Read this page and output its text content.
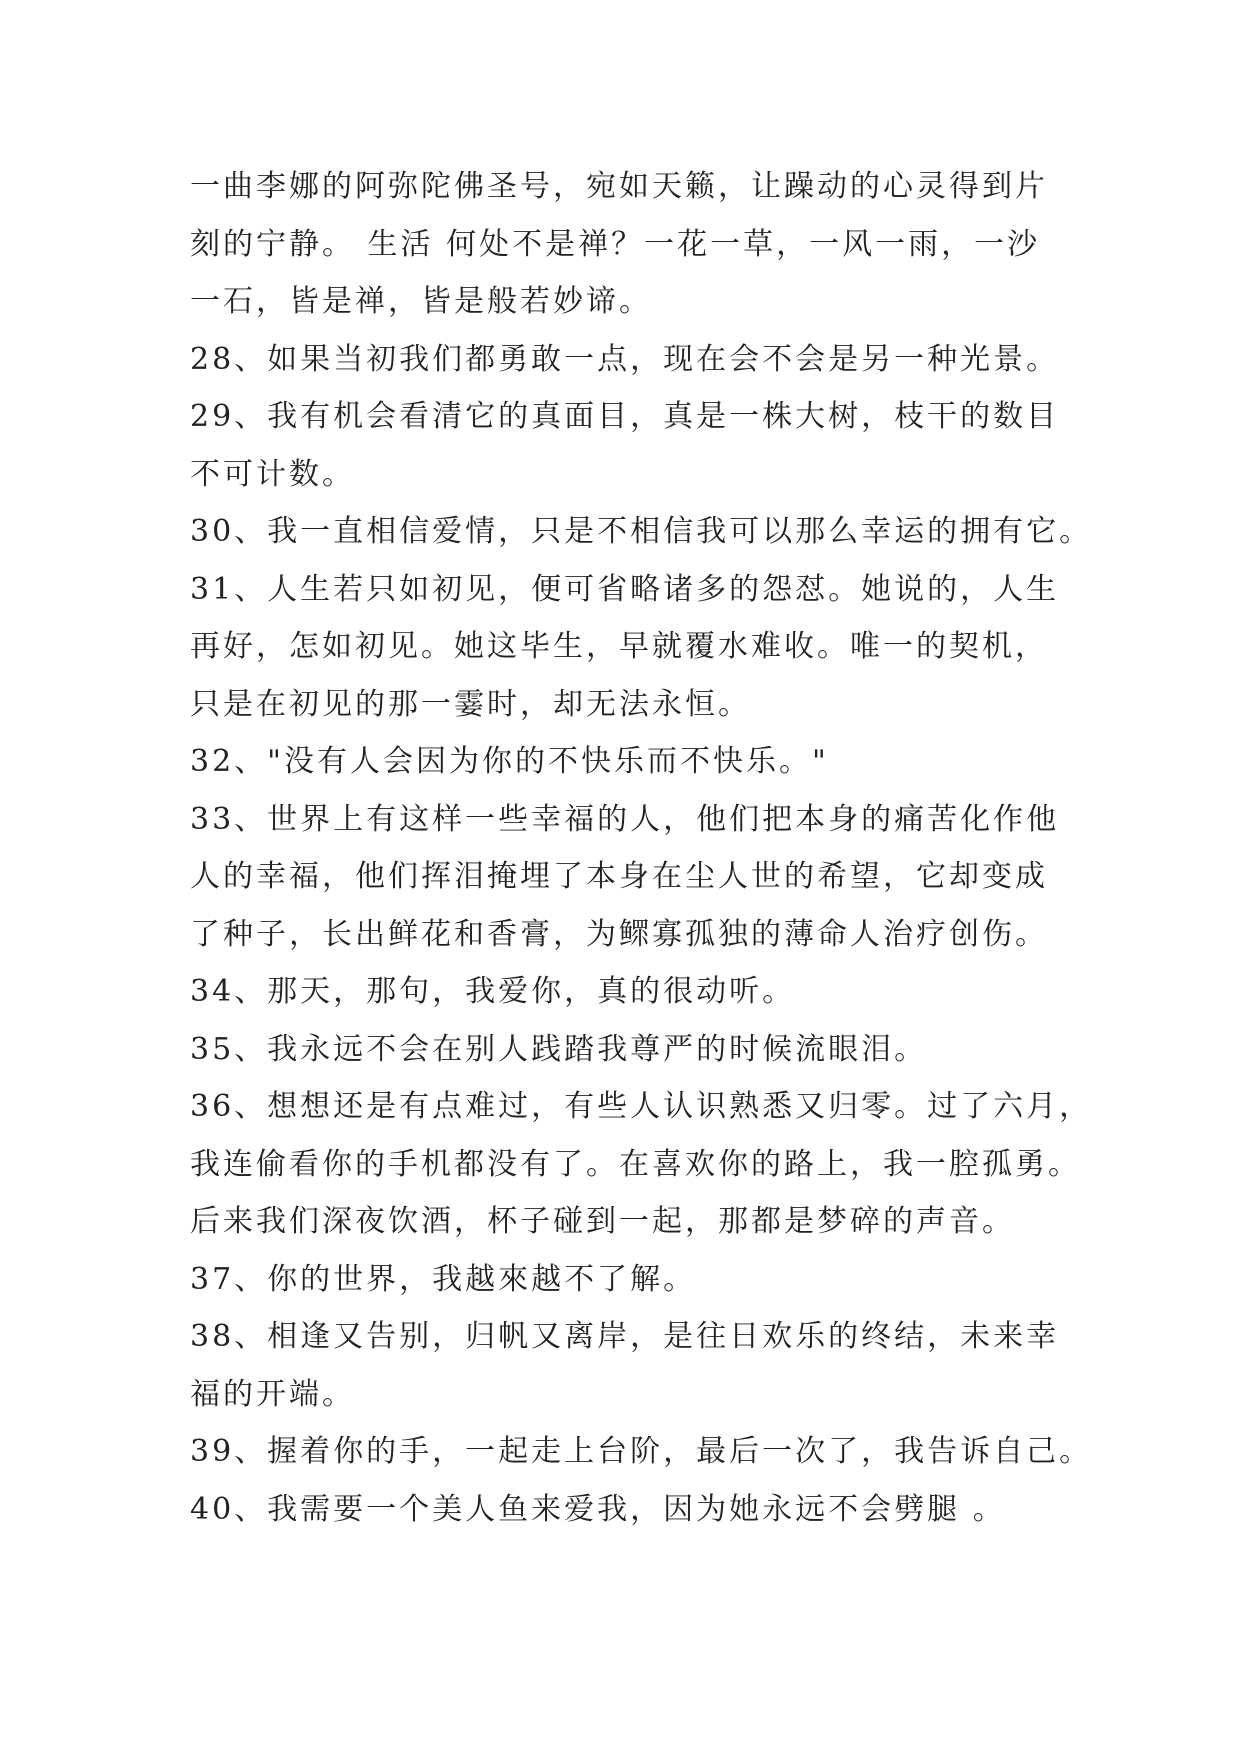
一曲李娜的阿弥陀佛圣号，宛如天籁，让躁动的心灵得到片
刻的宁静。 生活 何处不是禅？一花一草，一风一雨，一沙
一石，皆是禅，皆是般若妙谛。
28、如果当初我们都勇敢一点，现在会不会是另一种光景。
29、我有机会看清它的真面目，真是一株大树，枝干的数目
不可计数。
30、我一直相信爱情，只是不相信我可以那么幸运的拥有它。
31、人生若只如初见，便可省略诸多的怨怼。她说的，人生
再好，怎如初见。她这毕生，早就覆水难收。唯一的契机，
只是在初见的那一霎时，却无法永恒。
32、"没有人会因为你的不快乐而不快乐。"
33、世界上有这样一些幸福的人，他们把本身的痛苦化作他
人的幸福，他们挥泪掩埋了本身在尘人世的希望，它却变成
了种子，长出鲜花和香膏，为鳏寡孤独的薄命人治疗创伤。
34、那天，那句，我爱你，真的很动听。
35、我永远不会在别人践踏我尊严的时候流眼泪。
36、想想还是有点难过，有些人认识熟悉又归零。过了六月，
我连偷看你的手机都没有了。在喜欢你的路上，我一腔孤勇。
后来我们深夜饮酒，杯子碰到一起，那都是梦碎的声音。
37、你的世界，我越來越不了解。
38、相逢又告别，归帆又离岸，是往日欢乐的终结，未来幸
福的开端。
39、握着你的手，一起走上台阶，最后一次了，我告诉自己。
40、我需要一个美人鱼来爱我，因为她永远不会劈腿 。
